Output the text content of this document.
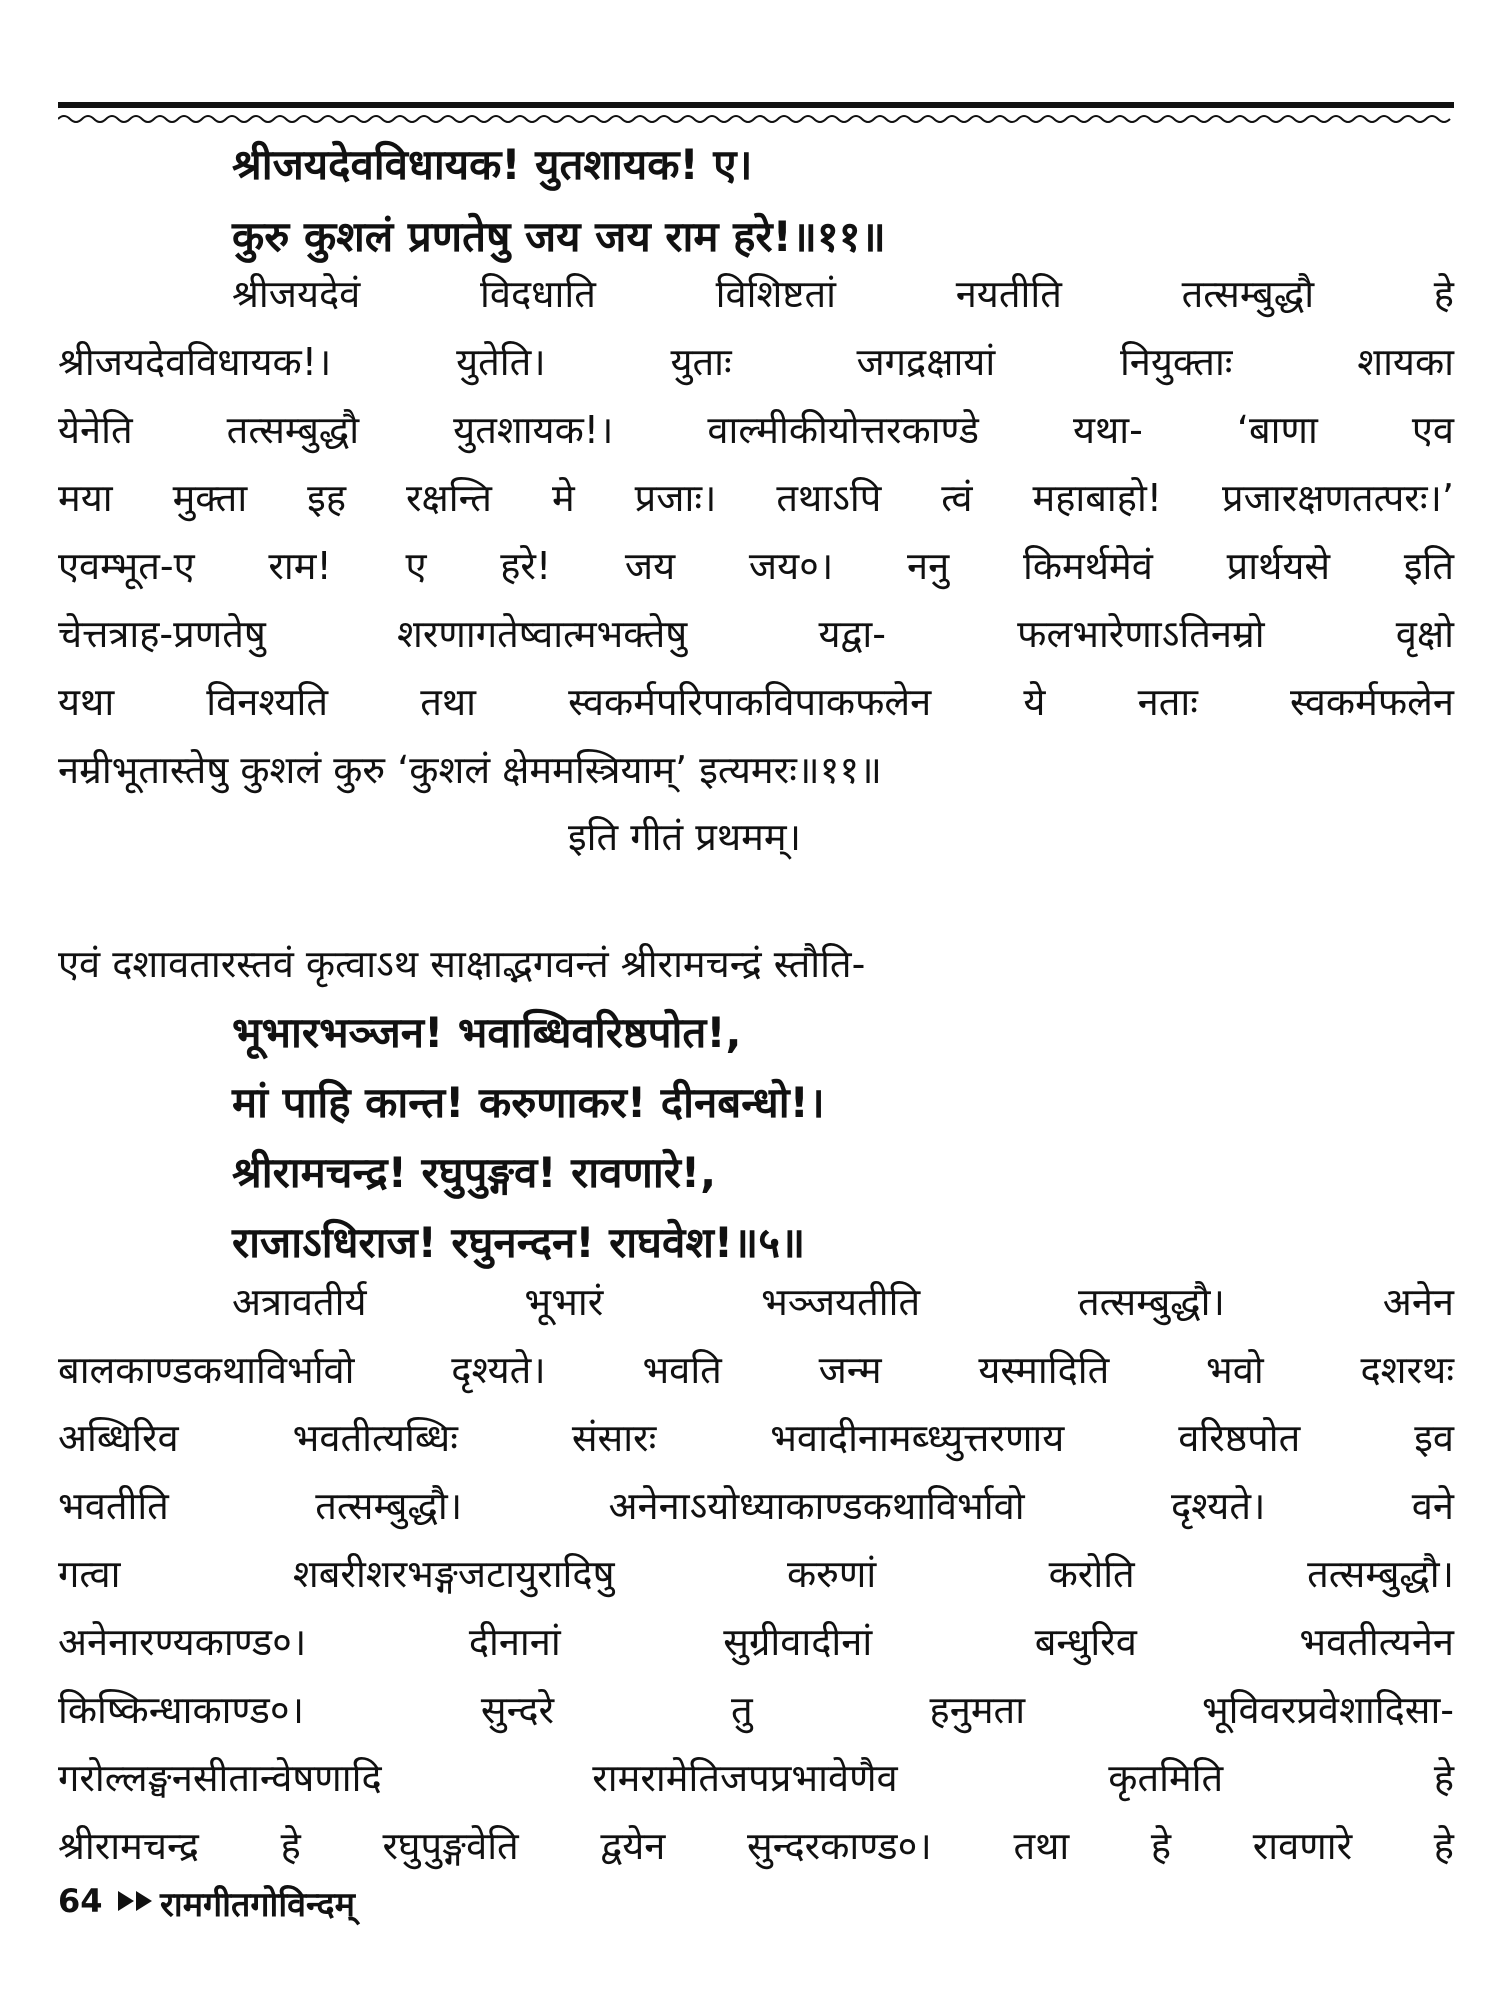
श्रीजयदेवविधायक! युतशायक! ए।
कुरु कुशलं प्रणतेषु जय जय राम हरे!॥११॥
श्रीजयदेवं विदधाति विशिष्टतां नयतीति तत्सम्बुद्धौ हे
श्रीजयदेवविधायक!। युतेति। युताः जगद्रक्षायां नियुक्ताः शायका
येनेति तत्सम्बुद्धौ युतशायक!। वाल्मीकीयोत्तरकाण्डे यथा- ‘बाणा एव
मया मुक्ता इह रक्षन्ति मे प्रजाः। तथाऽपि त्वं महाबाहो! प्रजारक्षणतत्परः।’
एवम्भूत-ए राम! ए हरे! जय जय०। ननु किमर्थमेवं प्रार्थयसे इति
चेत्तत्राह-प्रणतेषु शरणागतेष्वात्मभक्तेषु यद्वा- फलभारेणाऽतिनम्रो वृक्षो
यथा विनश्यति तथा स्वकर्मपरिपाकविपाकफलेन ये नताः स्वकर्मफलेन
नम्रीभूतास्तेषु कुशलं कुरु ‘कुशलं क्षेममस्त्रियाम्’ इत्यमरः॥११॥
इति गीतं प्रथमम्।
एवं दशावतारस्तवं कृत्वाऽथ साक्षाद्भगवन्तं श्रीरामचन्द्रं स्तौति-
भूभारभञ्जन! भवाब्धिवरिष्ठपोत!,
मां पाहि कान्त! करुणाकर! दीनबन्धो!।
श्रीरामचन्द्र! रघुपुङ्गव! रावणारे!,
राजाऽधिराज! रघुनन्दन! राघवेश!॥५॥
अत्रावतीर्य भूभारं भञ्जयतीति तत्सम्बुद्धौ। अनेन
बालकाण्डकथाविर्भावो दृश्यते। भवति जन्म यस्मादिति भवो दशरथः
अब्धिरिव भवतीत्यब्धिः संसारः भवादीनामब्ध्युत्तरणाय वरिष्ठपोत इव
भवतीति तत्सम्बुद्धौ। अनेनाऽयोध्याकाण्डकथाविर्भावो दृश्यते। वने
गत्वा शबरीशरभङ्गजटायुरादिषु करुणां करोति तत्सम्बुद्धौ।
अनेनारण्यकाण्ड०। दीनानां सुग्रीवादीनां बन्धुरिव भवतीत्यनेन
किष्किन्धाकाण्ड०। सुन्दरे तु हनुमता भूविवरप्रवेशादिसा-
गरोल्लङ्घनसीतान्वेषणादि रामरामेतिजपप्रभावेणैव कृतमिति हे
श्रीरामचन्द्र हे रघुपुङ्गवेति द्वयेन सुन्दरकाण्ड०। तथा हे रावणारे हे
64 रामगीतगोविन्दम्
